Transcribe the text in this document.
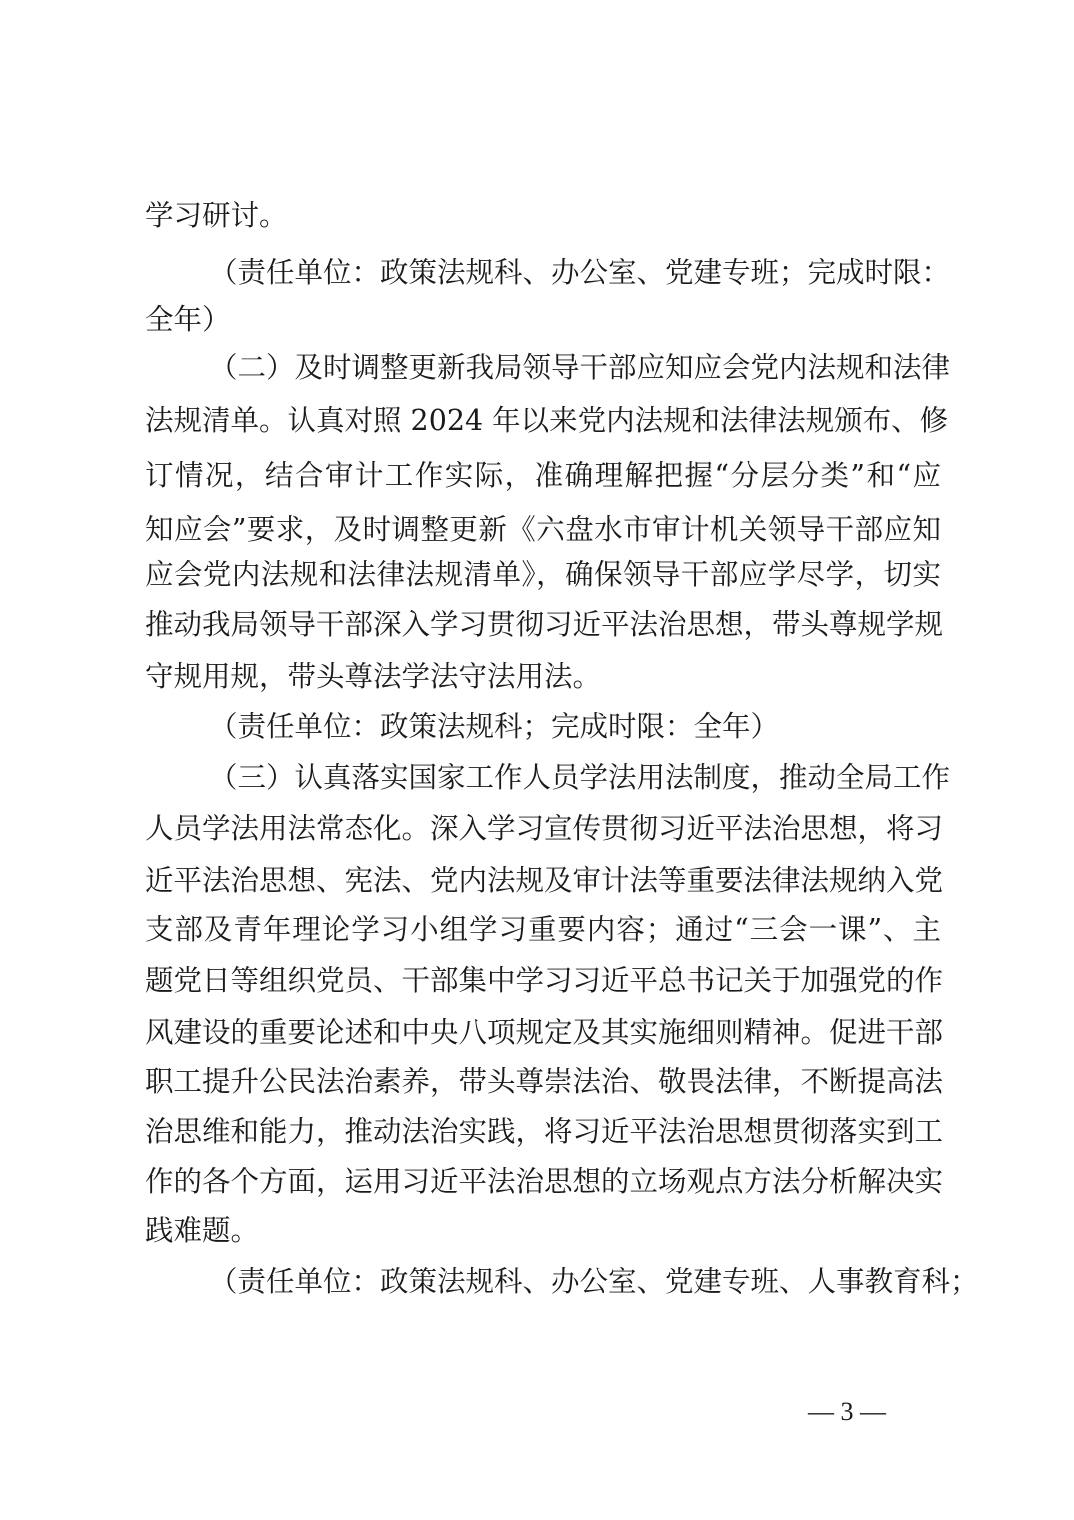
学习研讨。
（责任单位：政策法规科、办公室、党建专班；完成时限：
全年）
（二）及时调整更新我局领导干部应知应会党内法规和法律
法规清单。认真对照 2024 年以来党内法规和法律法规颁布、修
订情况，结合审计工作实际，准确理解把握“分层分类”和“应
知应会”要求，及时调整更新《六盘水市审计机关领导干部应知
应会党内法规和法律法规清单》，确保领导干部应学尽学，切实
推动我局领导干部深入学习贯彻习近平法治思想，带头尊规学规
守规用规，带头尊法学法守法用法。
（责任单位：政策法规科；完成时限：全年）
（三）认真落实国家工作人员学法用法制度，推动全局工作
人员学法用法常态化。深入学习宣传贯彻习近平法治思想，将习
近平法治思想、宪法、党内法规及审计法等重要法律法规纳入党
支部及青年理论学习小组学习重要内容；通过“三会一课”、主
题党日等组织党员、干部集中学习习近平总书记关于加强党的作
风建设的重要论述和中央八项规定及其实施细则精神。促进干部
职工提升公民法治素养，带头尊崇法治、敬畏法律，不断提高法
治思维和能力，推动法治实践，将习近平法治思想贯彻落实到工
作的各个方面，运用习近平法治思想的立场观点方法分析解决实
践难题。
（责任单位：政策法规科、办公室、党建专班、人事教育科；
— 3 —
